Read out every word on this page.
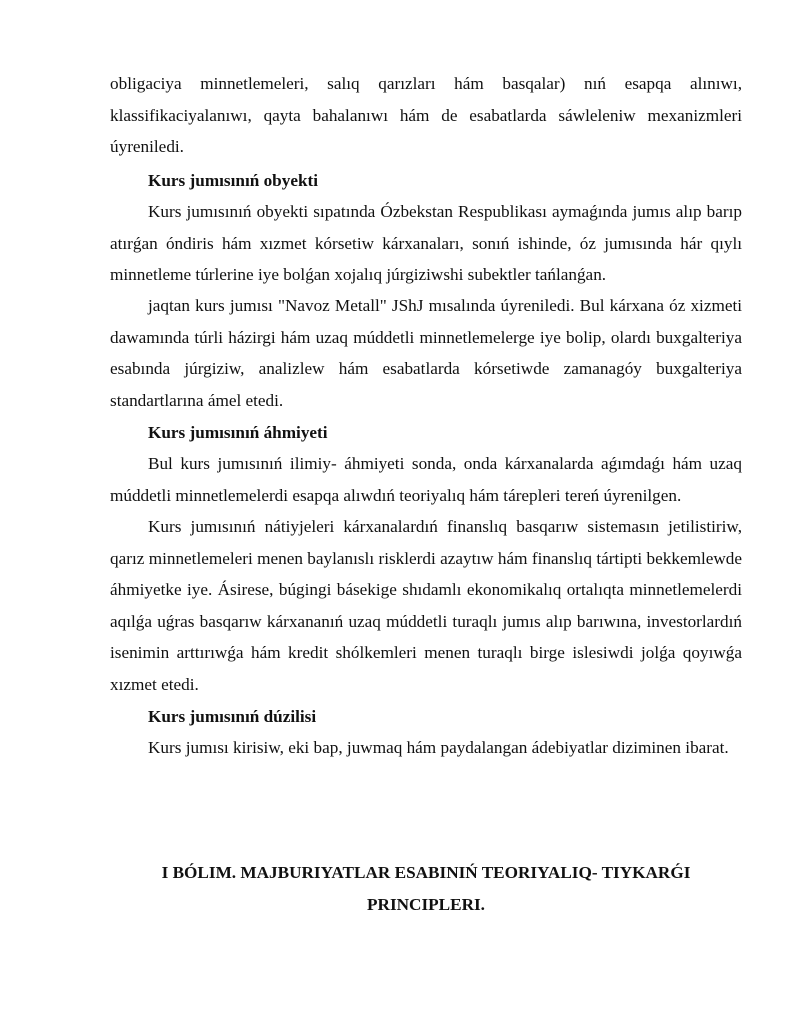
obligaciya minnetlemeleri, salıq qarızları hám basqalar) nıń esapqa alınıwı, klassifikaciyalanıwı, qayta bahalanıwı hám de esabatlarda sáwleleniw mexanizmleri úyreniledi.

Kurs jumısınıń obyekti

Kurs jumısınıń obyekti sıpatında Ózbekstan Respublikası aymaǵında jumıs alıp barıp atırǵan óndiris hám xızmet kórsetiw kárxanaları, sonıń ishinde, óz jumısında hár qıylı minnetleme túrlerine iye bolǵan xojalıq júrgiziwshi subektler tańlanǵan.

jaqtan kurs jumısı "Navoz Metall" JShJ mısalında úyreniledi. Bul kárxana óz xizmeti dawamında túrli házirgi hám uzaq múddetli minnetlemelerge iye bolip, olardı buxgalteriya esabında júrgiziw, analizlew hám esabatlarda kórsetiwde zamanagóy buxgalteriya standartlarına ámel etedi.

Kurs jumısınıń áhmiyeti

Bul kurs jumısınıń ilimiy- áhmiyeti sonda, onda kárxanalarda aǵımdaǵı hám uzaq múddetli minnetlemelerdi esapqa alıwdıń teoriyalıq hám tárepleri tereń úyrenilgen.

Kurs jumısınıń nátiyjeleri kárxanalardıń finanslıq basqarıw sistemasın jetilistiriw, qarız minnetlemeleri menen baylanıslı risklerdi azaytıw hám finanslıq tártipti bekkemlewde áhmiyetke iye. Ásirese, búgingi básekige shıdamlı ekonomikalıq ortalıqta minnetlemelerdi aqılǵa uǵras basqarıw kárxananıń uzaq múddetli turaqlı jumıs alıp barıwına, investorlardıń isenimin arttırıwǵa hám kredit shólkemleri menen turaqlı birge islesiwdi jolǵa qoyıwǵa xızmet etedi.

Kurs jumısınıń dúzilisi

Kurs jumısı kirisiw, eki bap, juwmaq hám paydalangan ádebiyatlar diziminen ibarat.

I BÓLIM. MAJBURIYATLAR ESABINIŃ TEORIYALIQ- TIYKARǴI PRINCIPLERI.
